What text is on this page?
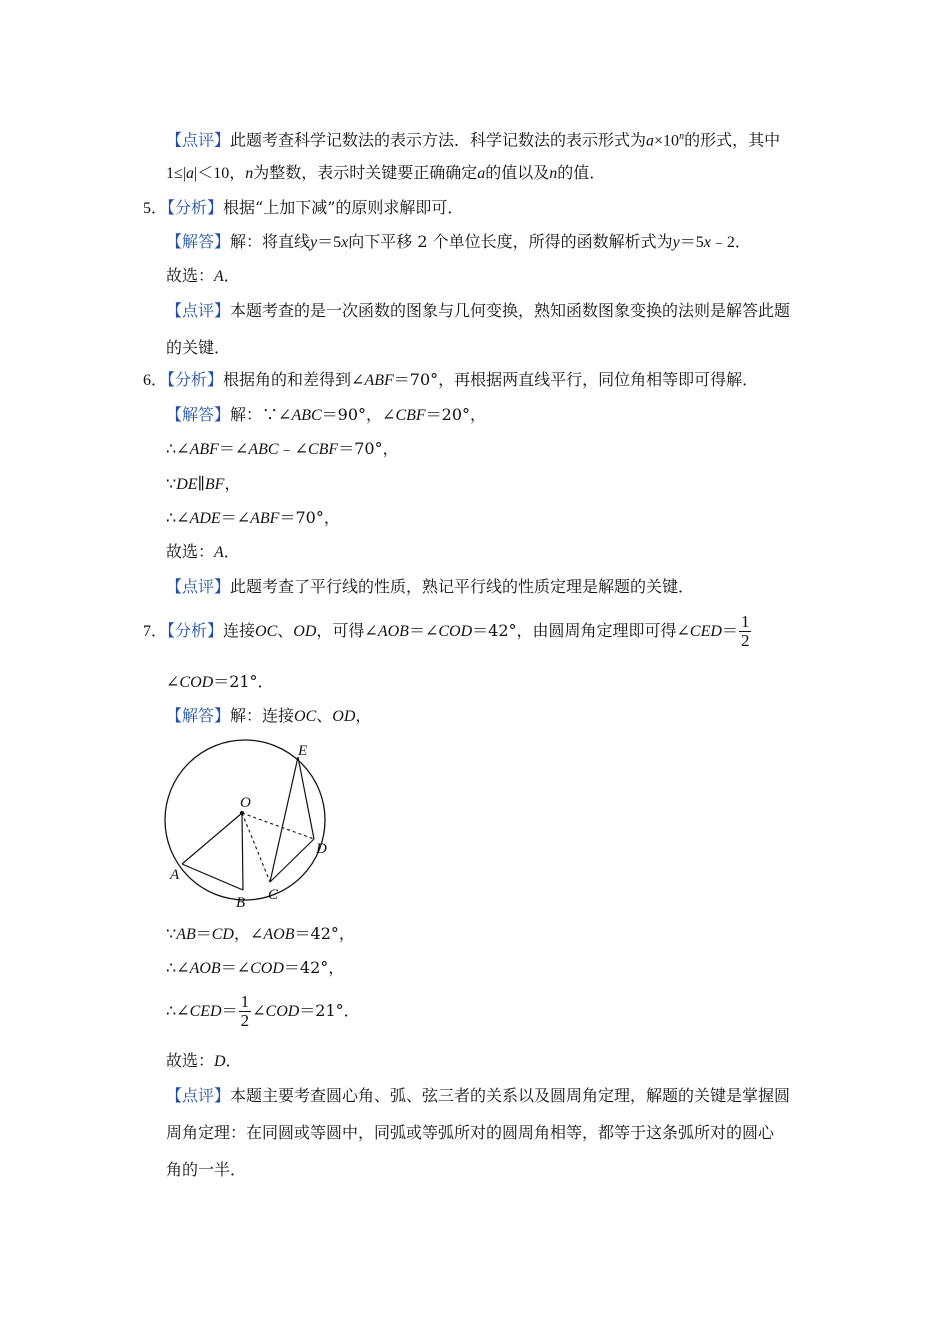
【点评】此题考查科学记数法的表示方法．科学记数法的表示形式为$a\times 10^n$的形式，其中
1≤|a|＜10，n为整数，表示时关键要正确确定a的值以及n的值．
5．【分析】根据“上加下减”的原则求解即可．
【解答】解：将直线y＝5x向下平移 2 个单位长度，所得的函数解析式为y＝5x﹣2．
故选：A．
【点评】本题考查的是一次函数的图象与几何变换，熟知函数图象变换的法则是解答此题
的关键．
6．【分析】根据角的和差得到∠ABF＝70°，再根据两直线平行，同位角相等即可得解．
【解答】解：∵∠ABC＝90°，∠CBF＝20°，
∴∠ABF＝∠ABC﹣∠CBF＝70°，
∵DE∥BF，
∴∠ADE＝∠ABF＝70°，
故选：A．
【点评】此题考查了平行线的性质，熟记平行线的性质定理是解题的关键．
7．【分析】连接OC、OD，可得∠AOB＝∠COD＝42°，由圆周角定理即可得∠CED＝ $\frac{1}{2}$
∠COD＝21°．
【解答】解：连接OC、OD，
O
A
B C
D
E
∵AB＝CD，∠AOB＝42°，
∴∠AOB＝∠COD＝42°，
∴∠CED＝ $\frac{1}{2}$ ∠COD＝21°．
故选：D．
【点评】本题主要考查圆心角、弧、弦三者的关系以及圆周角定理，解题的关键是掌握圆
周角定理：在同圆或等圆中，同弧或等弧所对的圆周角相等，都等于这条弧所对的圆心
角的一半．
